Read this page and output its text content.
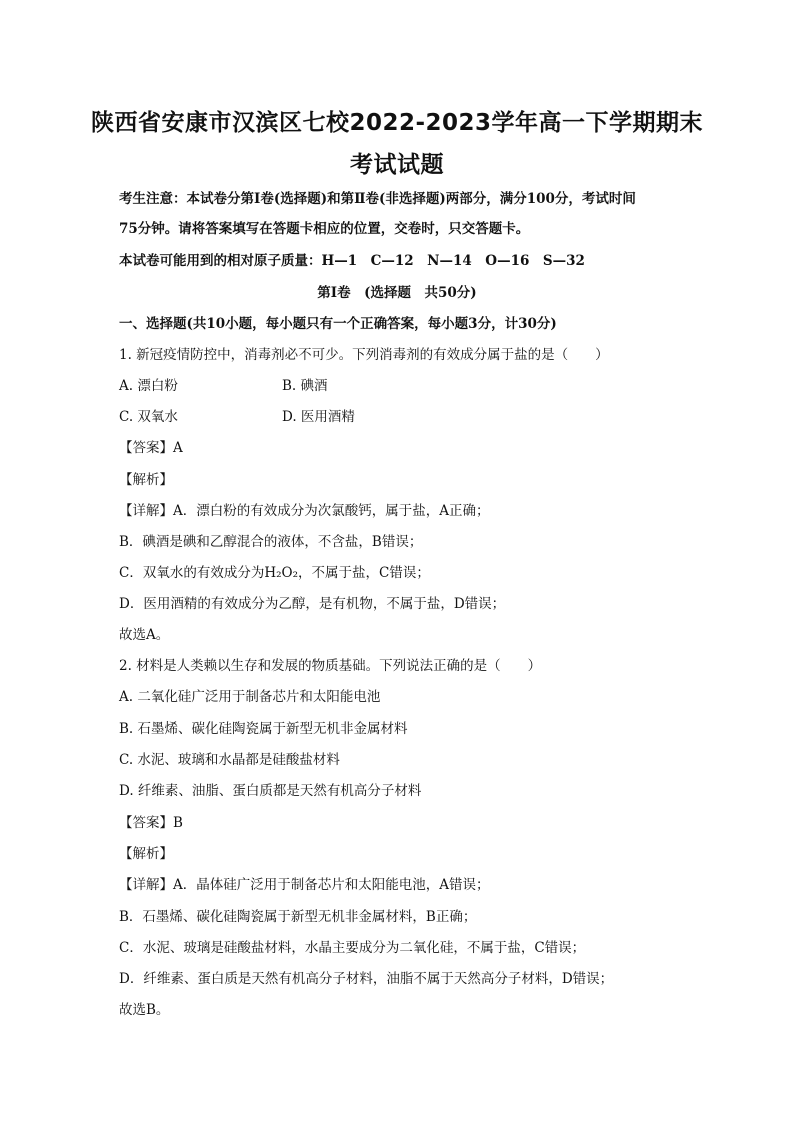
陕西省安康市汉滨区七校2022-2023学年高一下学期期末
考试试题
考生注意：本试卷分第Ⅰ卷(选择题)和第Ⅱ卷(非选择题)两部分，满分100分，考试时间
75分钟。请将答案填写在答题卡相应的位置，交卷时，只交答题卡。
本试卷可能用到的相对原子质量：H—1　C—12　N—14　O—16　S—32
第Ⅰ卷　(选择题　共50分)
一、选择题(共10小题，每小题只有一个正确答案，每小题3分，计30分)
1. 新冠疫情防控中，消毒剂必不可少。下列消毒剂的有效成分属于盐的是（　　）
A. 漂白粉	B. 碘酒
C. 双氧水	D. 医用酒精
【答案】A
【解析】
【详解】A．漂白粉的有效成分为次氯酸钙，属于盐，A正确；
B．碘酒是碘和乙醇混合的液体，不含盐，B错误；
C．双氧水的有效成分为H₂O₂，不属于盐，C错误；
D．医用酒精的有效成分为乙醇，是有机物，不属于盐，D错误；
故选A。
2. 材料是人类赖以生存和发展的物质基础。下列说法正确的是（　　）
A. 二氧化硅广泛用于制备芯片和太阳能电池
B. 石墨烯、碳化硅陶瓷属于新型无机非金属材料
C. 水泥、玻璃和水晶都是硅酸盐材料
D. 纤维素、油脂、蛋白质都是天然有机高分子材料
【答案】B
【解析】
【详解】A．晶体硅广泛用于制备芯片和太阳能电池，A错误；
B．石墨烯、碳化硅陶瓷属于新型无机非金属材料，B正确；
C．水泥、玻璃是硅酸盐材料，水晶主要成分为二氧化硅，不属于盐，C错误；
D．纤维素、蛋白质是天然有机高分子材料，油脂不属于天然高分子材料，D错误；
故选B。
